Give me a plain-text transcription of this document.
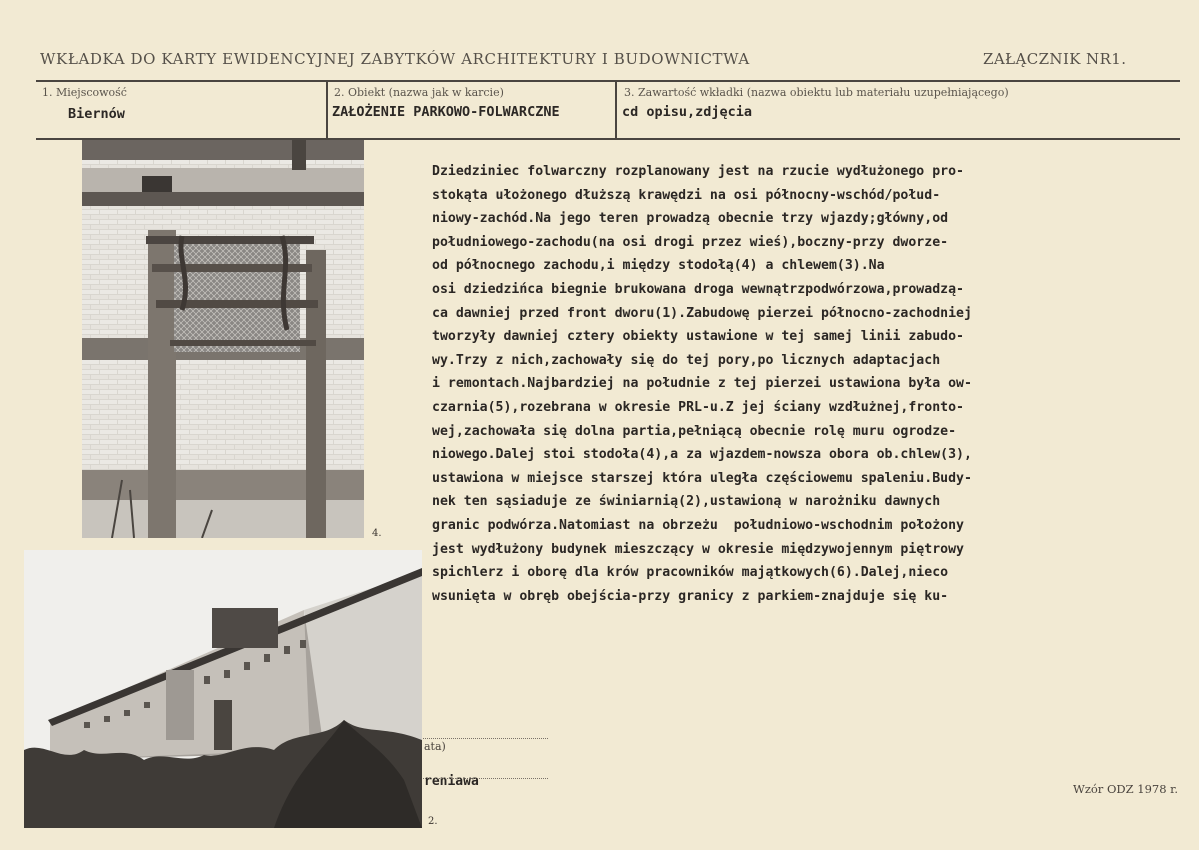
WKŁADKA DO KARTY EWIDENCYJNEJ ZABYTKÓW ARCHITEKTURY I BUDOWNICTWA	ZAŁĄCZNIK NR1.
1. Miejscowość
Biernów
2. Obiekt (nazwa jak w karcie)
ZAŁOŻENIE PARKOWO-FOLWARCZNE
3. Zawartość wkładki (nazwa obiektu lub materiału uzupełniającego)
cd opisu,zdjęcia
ata)
reniawa
Dziedziniec folwarczny rozplanowany jest na rzucie wydłużonego pro-
stokąta ułożonego dłuższą krawędzi na osi północny-wschód/połud-
niowy-zachód.Na jego teren prowadzą obecnie trzy wjazdy;główny,od
południowego-zachodu(na osi drogi przez wieś),boczny-przy dworze-
od północnego zachodu,i między stodołą(4) a chlewem(3).Na
osi dziedzińca biegnie brukowana droga wewnątrzpodwórzowa,prowadzą-
ca dawniej przed front dworu(1).Zabudowę pierzei północno-zachodniej
tworzyły dawniej cztery obiekty ustawione w tej samej linii zabudo-
wy.Trzy z nich,zachowały się do tej pory,po licznych adaptacjach
i remontach.Najbardziej na południe z tej pierzei ustawiona była ow-
czarnia(5),rozebrana w okresie PRL-u.Z jej ściany wzdłużnej,fronto-
wej,zachowała się dolna partia,pełniącą obecnie rolę muru ogrodze-
niowego.Dalej stoi stodoła(4),a za wjazdem-nowsza obora ob.chlew(3),
ustawiona w miejsce starszej która uległa częściowemu spaleniu.Budy-
nek ten sąsiaduje ze świniarnią(2),ustawioną w narożniku dawnych
granic podwórza.Natomiast na obrzeżu  południowo-wschodnim położony
jest wydłużony budynek mieszczący w okresie międzywojennym piętrowy
spichlerz i oborę dla krów pracowników majątkowych(6).Dalej,nieco
wsunięta w obręb obejścia-przy granicy z parkiem-znajduje się ku-
4.
2.
Wzór ODZ 1978 r.
